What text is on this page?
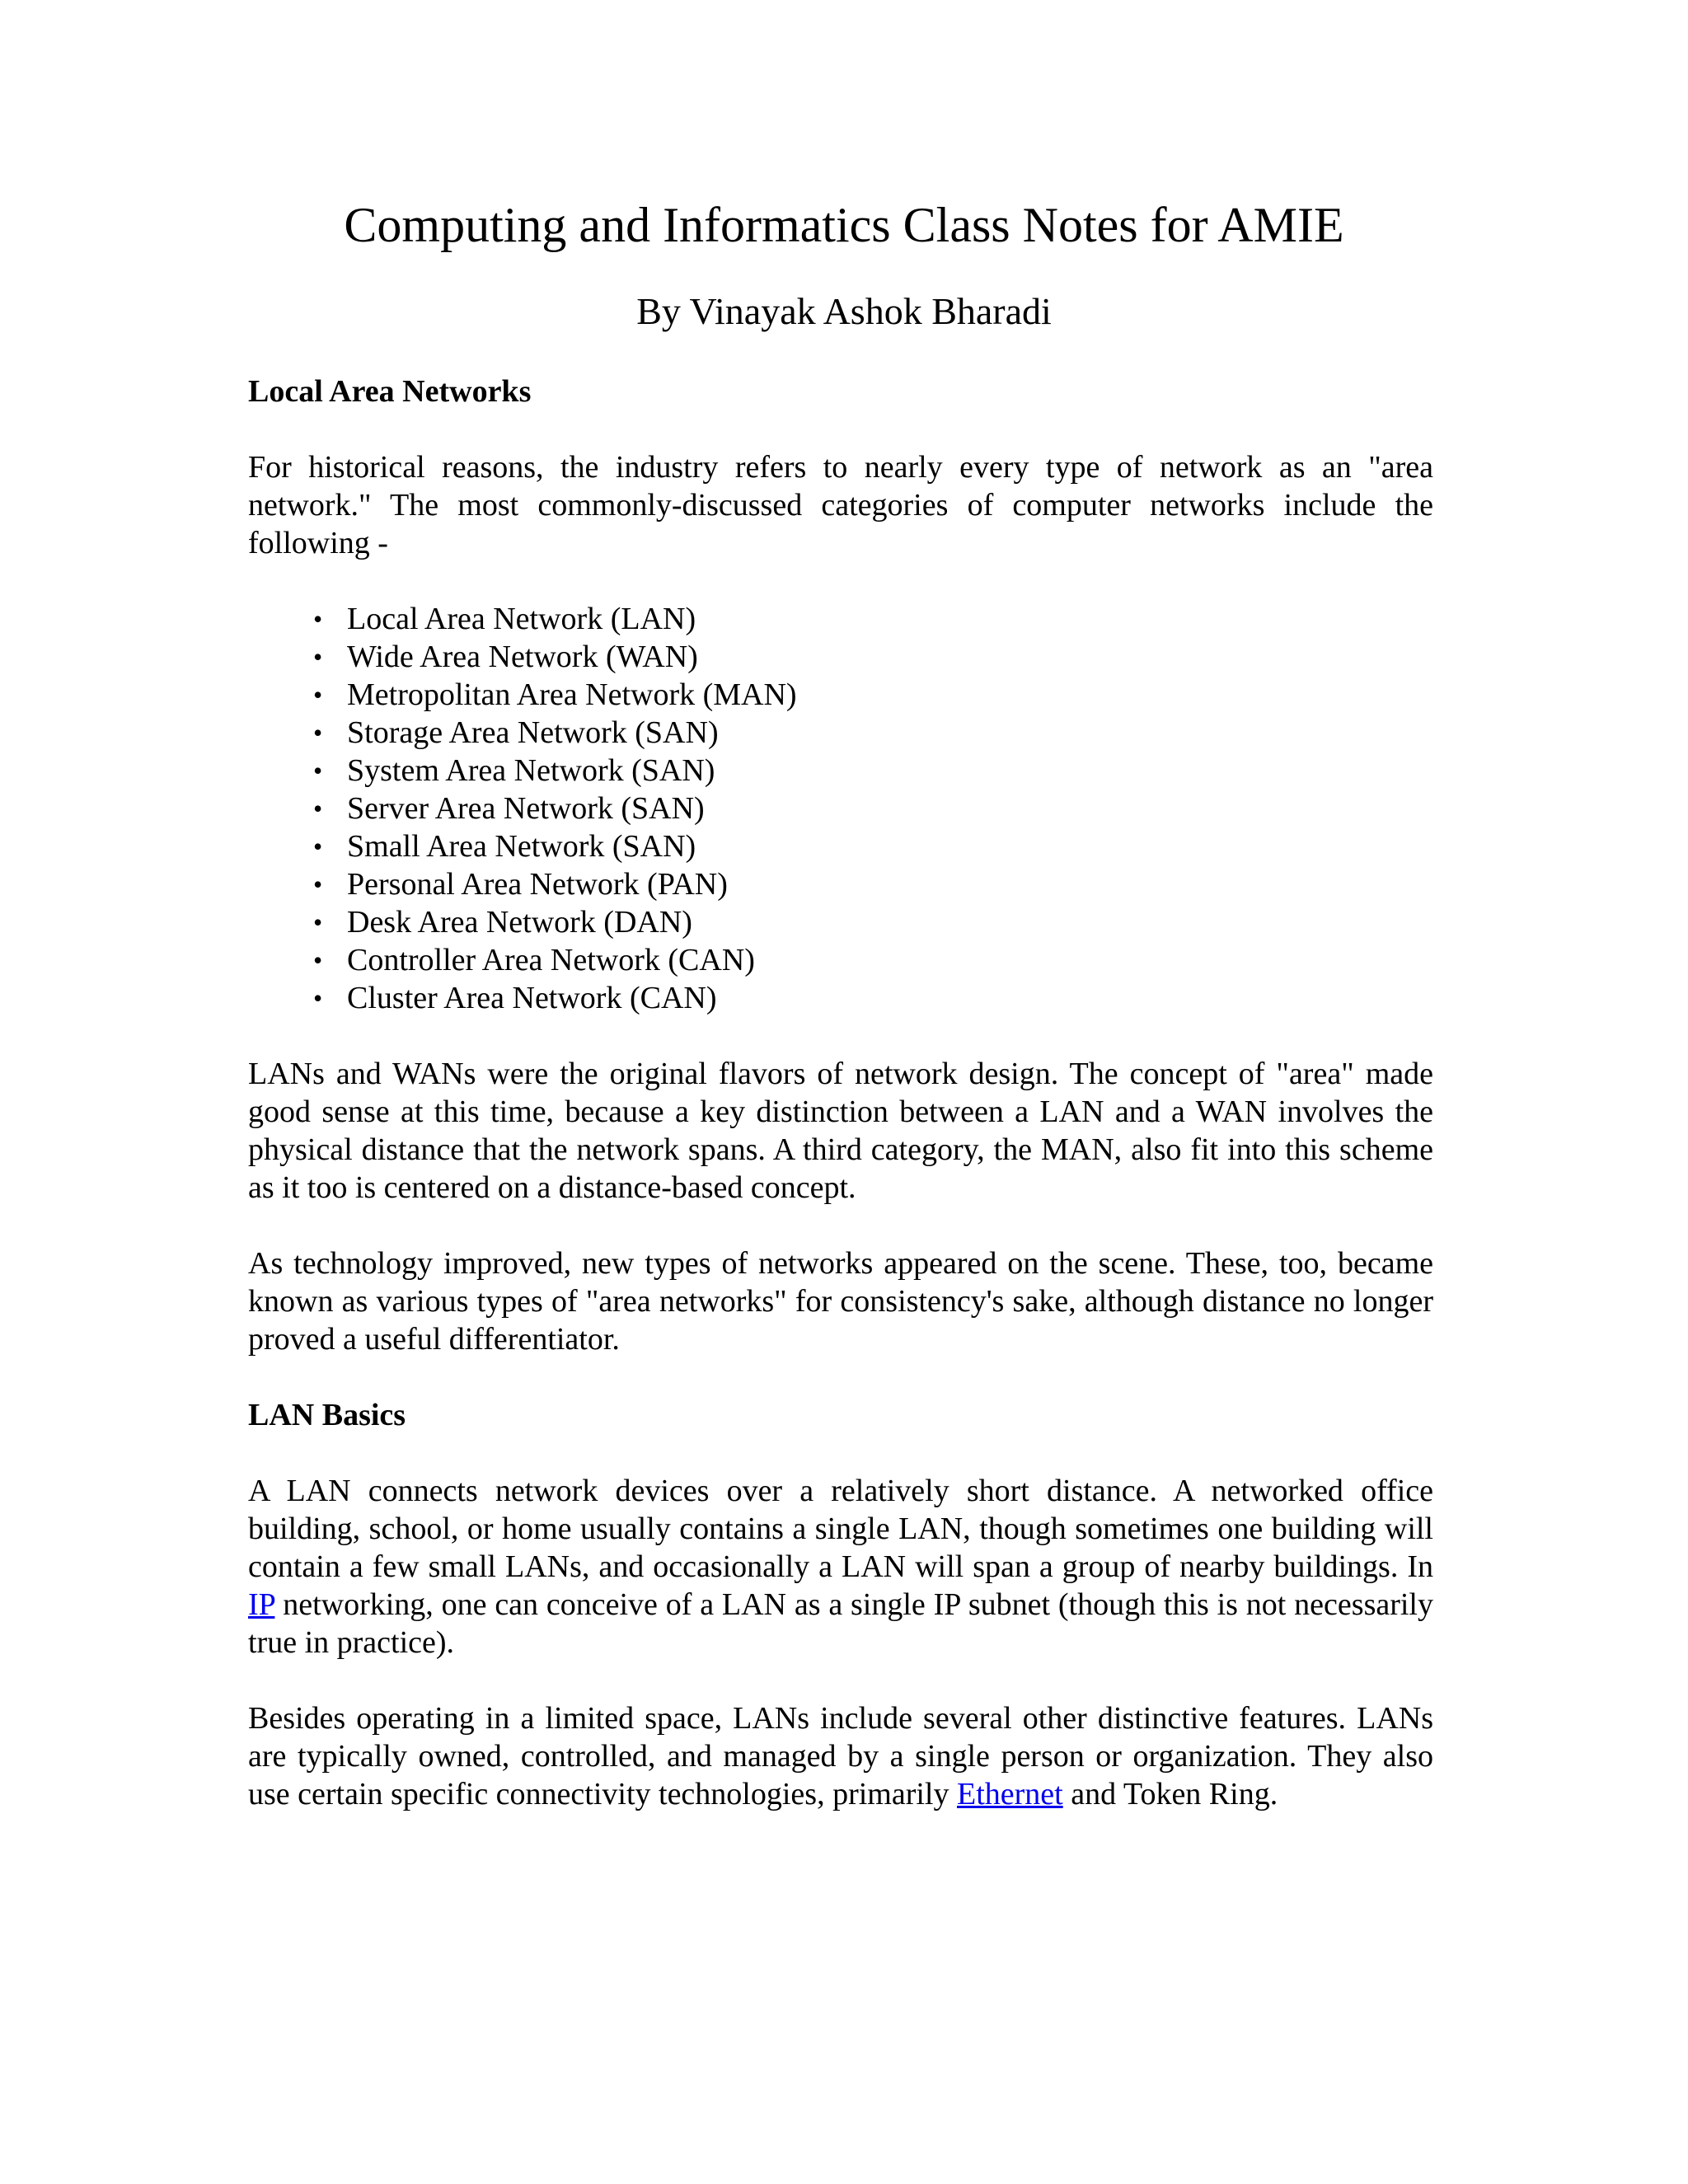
Computing and Informatics Class Notes for AMIE
By Vinayak Ashok Bharadi
Local Area Networks

For historical reasons, the industry refers to nearly every type of network as an "area network." The most commonly-discussed categories of computer networks include the following -

• Local Area Network (LAN)
• Wide Area Network (WAN)
• Metropolitan Area Network (MAN)
• Storage Area Network (SAN)
• System Area Network (SAN)
• Server Area Network (SAN)
• Small Area Network (SAN)
• Personal Area Network (PAN)
• Desk Area Network (DAN)
• Controller Area Network (CAN)
• Cluster Area Network (CAN)

LANs and WANs were the original flavors of network design. The concept of "area" made good sense at this time, because a key distinction between a LAN and a WAN involves the physical distance that the network spans. A third category, the MAN, also fit into this scheme as it too is centered on a distance-based concept.

As technology improved, new types of networks appeared on the scene. These, too, became known as various types of "area networks" for consistency's sake, although distance no longer proved a useful differentiator.

LAN Basics

A LAN connects network devices over a relatively short distance. A networked office building, school, or home usually contains a single LAN, though sometimes one building will contain a few small LANs, and occasionally a LAN will span a group of nearby buildings. In IP networking, one can conceive of a LAN as a single IP subnet (though this is not necessarily true in practice).

Besides operating in a limited space, LANs include several other distinctive features. LANs are typically owned, controlled, and managed by a single person or organization. They also use certain specific connectivity technologies, primarily Ethernet and Token Ring.
